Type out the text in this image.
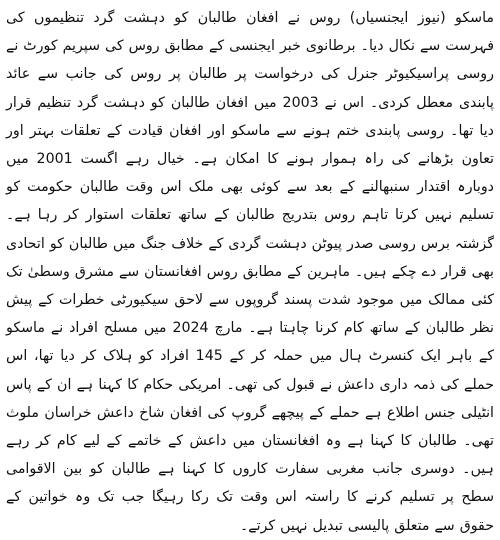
ماسکو (نیوز ایجنسیاں) روس نے افغان طالبان کو دہشت گرد تنظیموں کی فہرست سے نکال دیا۔ برطانوی خبر ایجنسی کے مطابق روس کی سپریم کورٹ نے روسی پراسیکیوٹر جنرل کی درخواست پر طالبان پر روس کی جانب سے عائد پابندی معطل کردی۔ اس نے 2003 میں افغان طالبان کو دہشت گرد تنظیم قرار دیا تھا۔ روسی پابندی ختم ہونے سے ماسکو اور افغان قیادت کے تعلقات بہتر اور تعاون بڑھانے کی راہ ہموار ہونے کا امکان ہے۔ خیال رہے اگست 2001 میں دوبارہ اقتدار سنبھالنے کے بعد سے کوئی بھی ملک اس وقت طالبان حکومت کو تسلیم نہیں کرتا تاہم روس بتدریج طالبان کے ساتھ تعلقات استوار کر رہا ہے۔ گزشتہ برس روسی صدر پیوٹن دہشت گردی کے خلاف جنگ میں طالبان کو اتحادی بھی قرار دے چکے ہیں۔ ماہرین کے مطابق روس افغانستان سے مشرق وسطیٰ تک کئی ممالک میں موجود شدت پسند گروپوں سے لاحق سیکیورٹی خطرات کے پیش نظر طالبان کے ساتھ کام کرنا چاہتا ہے۔ مارچ 2024 میں مسلح افراد نے ماسکو کے باہر ایک کنسرٹ ہال میں حملہ کر کے 145 افراد کو ہلاک کر دیا تھا، اس حملے کی ذمہ داری داعش نے قبول کی تھی۔ امریکی حکام کا کہنا ہے ان کے پاس انٹیلی جنس اطلاع ہے حملے کے پیچھے گروپ کی افغان شاخ داعش خراسان ملوث تھی۔ طالبان کا کہنا ہے وہ افغانستان میں داعش کے خاتمے کے لیے کام کر رہے ہیں۔ دوسری جانب مغربی سفارت کاروں کا کہنا ہے طالبان کو بین الاقوامی سطح پر تسلیم کرنے کا راستہ اس وقت تک رکا رہیگا جب تک وہ خواتین کے حقوق سے متعلق پالیسی تبدیل نہیں کرتے۔
